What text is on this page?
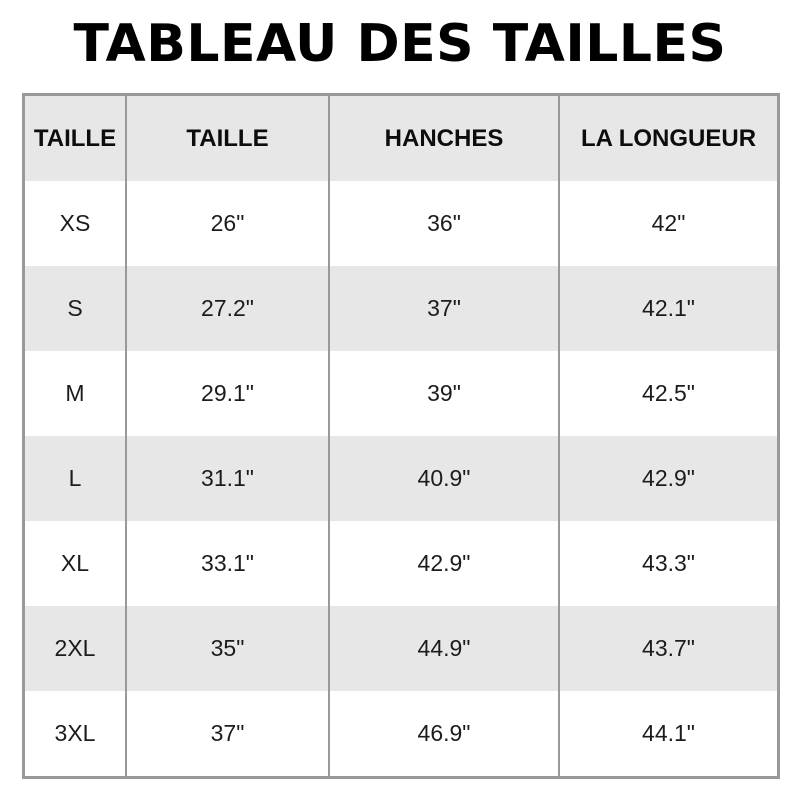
TABLEAU DES TAILLES
TAILLE	TAILLE	HANCHES	LA LONGUEUR
XS	26"	36"	42"
S	27.2"	37"	42.1"
M	29.1"	39"	42.5"
L	31.1"	40.9"	42.9"
XL	33.1"	42.9"	43.3"
2XL	35"	44.9"	43.7"
3XL	37"	46.9"	44.1"
